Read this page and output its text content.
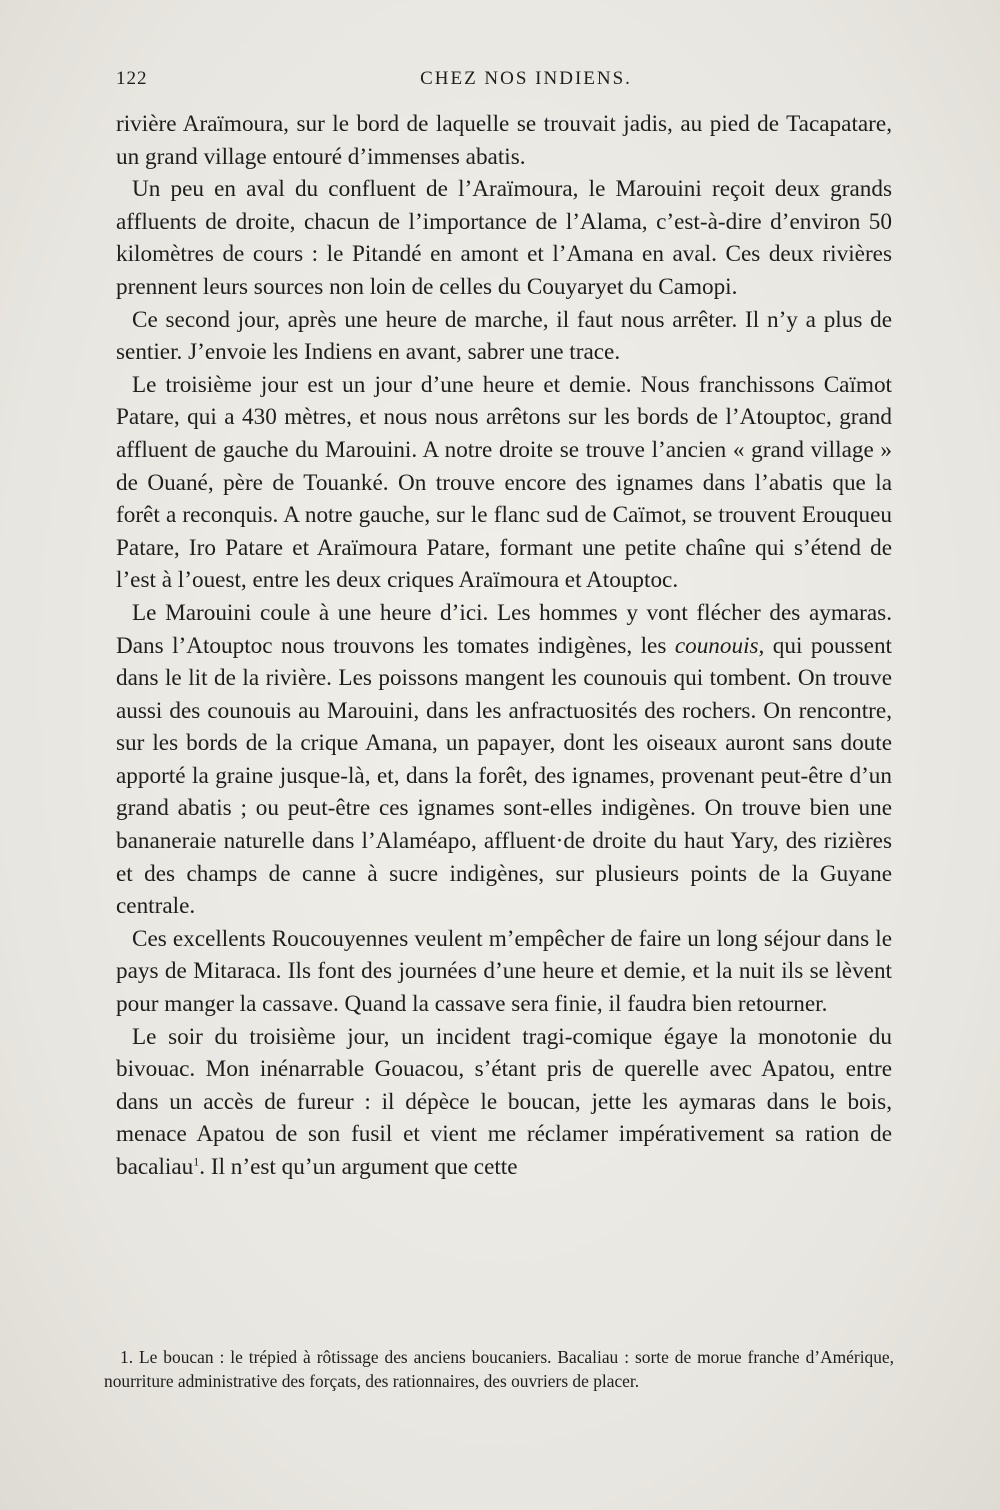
122	CHEZ NOS INDIENS.

rivière Araïmoura, sur le bord de laquelle se trouvait jadis, au pied de Tacapatare, un grand village entouré d’immenses abatis.

Un peu en aval du confluent de l’Araïmoura, le Marouini reçoit deux grands affluents de droite, chacun de l’importance de l’Alama, c’est-à-dire d’environ 50 kilomètres de cours : le Pitandé en amont et l’Amana en aval. Ces deux rivières prennent leurs sources non loin de celles du Couyaryet du Camopi.

Ce second jour, après une heure de marche, il faut nous arrêter. Il n’y a plus de sentier. J’envoie les Indiens en avant, sabrer une trace.

Le troisième jour est un jour d’une heure et demie. Nous franchissons Caïmot Patare, qui a 430 mètres, et nous nous arrêtons sur les bords de l’Atouptoc, grand affluent de gauche du Marouini. A notre droite se trouve l’ancien « grand village » de Ouané, père de Touanké. On trouve encore des ignames dans l’abatis que la forêt a reconquis. A notre gauche, sur le flanc sud de Caïmot, se trouvent Erouqueu Patare, Iro Patare et Araïmoura Patare, formant une petite chaîne qui s’étend de l’est à l’ouest, entre les deux criques Araïmoura et Atouptoc.

Le Marouini coule à une heure d’ici. Les hommes y vont flécher des aymaras. Dans l’Atouptoc nous trouvons les tomates indigènes, les counouis, qui poussent dans le lit de la rivière. Les poissons mangent les counouis qui tombent. On trouve aussi des counouis au Marouini, dans les anfractuosités des rochers. On rencontre, sur les bords de la crique Amana, un papayer, dont les oiseaux auront sans doute apporté la graine jusque-là, et, dans la forêt, des ignames, provenant peut-être d’un grand abatis ; ou peut-être ces ignames sont-elles indigènes. On trouve bien une bananeraie naturelle dans l’Alaméapo, affluent·de droite du haut Yary, des rizières et des champs de canne à sucre indigènes, sur plusieurs points de la Guyane centrale.

Ces excellents Roucouyennes veulent m’empêcher de faire un long séjour dans le pays de Mitaraca. Ils font des journées d’une heure et demie, et la nuit ils se lèvent pour manger la cassave. Quand la cassave sera finie, il faudra bien retourner.

Le soir du troisième jour, un incident tragi-comique égaye la monotonie du bivouac. Mon inénarrable Gouacou, s’étant pris de querelle avec Apatou, entre dans un accès de fureur : il dépèce le boucan, jette les aymaras dans le bois, menace Apatou de son fusil et vient me réclamer impérativement sa ration de bacaliau$^1$. Il n’est qu’un argument que cette

1. Le boucan : le trépied à rôtissage des anciens boucaniers. Bacaliau : sorte de morue franche d’Amérique, nourriture administrative des forçats, des rationnaires, des ouvriers de placer.
